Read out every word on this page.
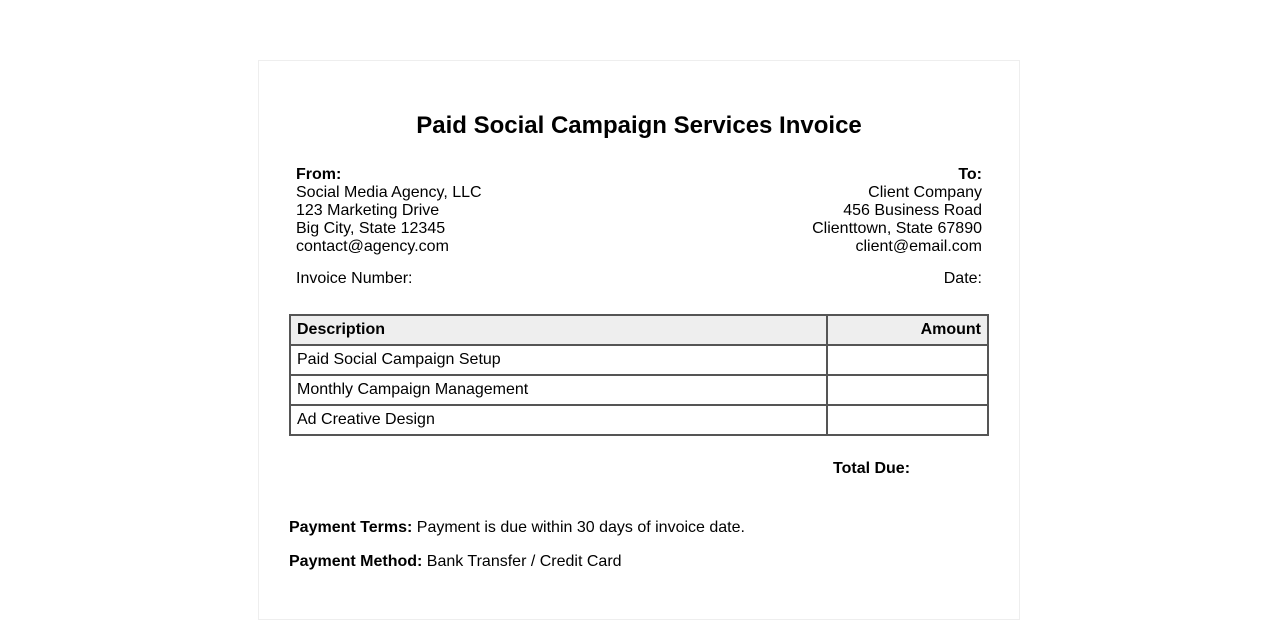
Paid Social Campaign Services Invoice
From:
Social Media Agency, LLC
123 Marketing Drive
Big City, State 12345
contact@agency.com
To:
Client Company
456 Business Road
Clienttown, State 67890
client@email.com
Invoice Number:	Date:
Description	Amount
Paid Social Campaign Setup	
Monthly Campaign Management	
Ad Creative Design	
Total Due:
Payment Terms: Payment is due within 30 days of invoice date.
Payment Method: Bank Transfer / Credit Card
